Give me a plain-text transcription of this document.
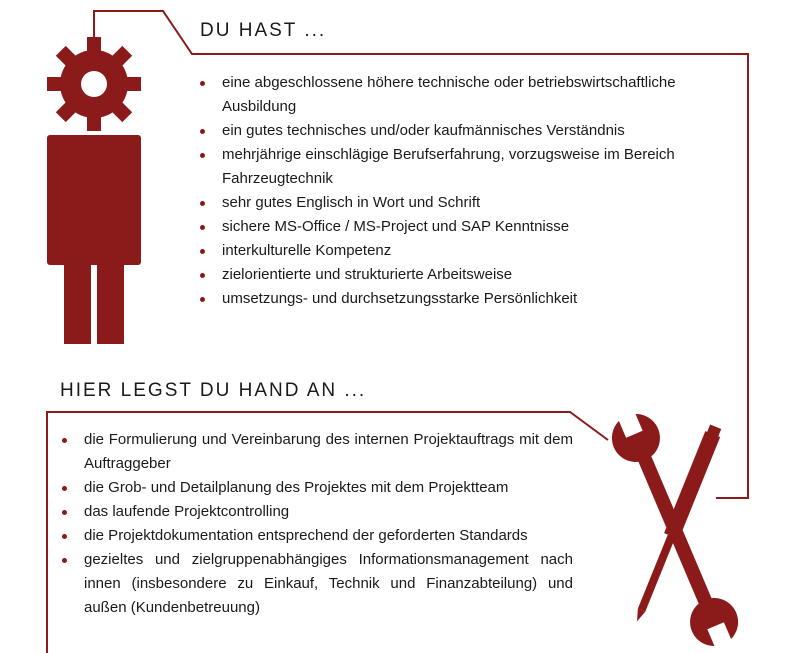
DU HAST ...
eine abgeschlossene höhere technische oder betriebswirtschaftliche Ausbildung
ein gutes technisches und/oder kaufmännisches Verständnis
mehrjährige einschlägige Berufserfahrung, vorzugsweise im Bereich Fahrzeugtechnik
sehr gutes Englisch in Wort und Schrift
sichere MS-Office / MS-Project und SAP Kenntnisse
interkulturelle Kompetenz
zielorientierte und strukturierte Arbeitsweise
umsetzungs- und durchsetzungsstarke Persönlichkeit
HIER LEGST DU HAND AN ...
die Formulierung und Vereinbarung des internen Projektauftrags mit dem Auftraggeber
die Grob- und Detailplanung des Projektes mit dem Projektteam
das laufende Projektcontrolling
die Projektdokumentation entsprechend der geforderten Standards
gezieltes und zielgruppenabhängiges Informationsmanagement nach innen (insbesondere zu Einkauf, Technik und Finanzabteilung) und außen (Kundenbetreuung)
